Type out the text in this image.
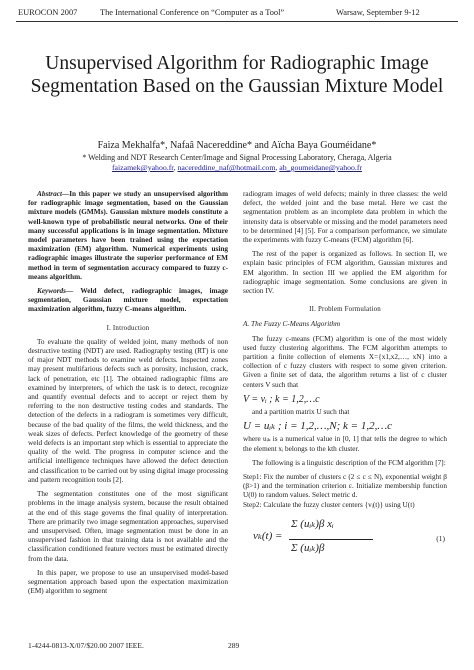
EUROCON 2007	The International Conference on “Computer as a Tool”	Warsaw, September 9-12
Unsupervised Algorithm for Radiographic Image Segmentation Based on the Gaussian Mixture Model
Faiza Mekhalfa*, Nafaâ Nacereddine* and Aïcha Baya Gouméidane*
* Welding and NDT Research Center/Image and Signal Processing Laboratory, Cheraga, Algeria
faizamek@yahoo.fr, nacereddine_naf@hotmail.com, ab_goumeidane@yahoo.fr

Abstract—In this paper we study an unsupervised algorithm for radiographic image segmentation, based on the Gaussian mixture models (GMMs). Gaussian mixture models constitute a well-known type of probabilistic neural networks. One of their many successful applications is in image segmentation. Mixture model parameters have been trained using the expectation maximization (EM) algorithm. Numerical experiments using radiographic images illustrate the superior performance of EM method in term of segmentation accuracy compared to fuzzy c-means algorithm.

Keywords— Weld defect, radiographic images, image segmentation, Gaussian mixture model, expectation maximization algorithm, fuzzy C-means algorithm.

I. Introduction

To evaluate the quality of welded joint, many methods of non destructive testing (NDT) are used. Radiography testing (RT) is one of major NDT methods to examine weld defects. Inspected zones may present multifarious defects such as porosity, inclusion, crack, lack of penetration, etc [1]. The obtained radiographic films are examined by interpreters, of which the task is to detect, recognize and quantify eventual defects and to accept or reject them by referring to the non destructive testing codes and standards. The detection of the defects in a radiogram is sometimes very difficult, because of the bad quality of the films, the weld thickness, and the weak sizes of defects. Perfect knowledge of the geometry of these weld defects is an important step which is essential to appreciate the quality of the weld. The progress in computer science and the artificial intelligence techniques have allowed the defect detection and classification to be carried out by using digital image processing and pattern recognition tools [2].

The segmentation constitutes one of the most significant problems in the image analysis system, because the result obtained at the end of this stage governs the final quality of interpretation. There are primarily two image segmentation approaches, supervised and unsupervised. Often, image segmentation must be done in an unsupervised fashion in that training data is not available and the classification conditioned feature vectors must be estimated directly from the data.

In this paper, we propose to use an unsupervised model-based segmentation approach based upon the expectation maximization (EM) algorithm to segment

radiogram images of weld defects; mainly in three classes: the weld defect, the welded joint and the base metal. Here we cast the segmentation problem as an incomplete data problem in which the intensity data is observable or missing and the model parameters need to be determined [4] [5]. For a comparison performance, we simulate the experiments with fuzzy C-means (FCM) algorithm [6].

The rest of the paper is organized as follows. In section II, we explain basic principles of FCM algorithm, Gaussian mixtures and EM algorithm. In section III we applied the EM algorithm for radiographic image segmentation. Some conclusions are given in section IV.

II. Problem Formulation
A. The Fuzzy C-Means Algorithm

The fuzzy c-means (FCM) algorithm is one of the most widely used fuzzy clustering algorithms. The FCM algorithm attempts to partition a finite collection of elements X={x1,x2,…, xN} into a collection of c fuzzy clusters with respect to some given criterion. Given a finite set of data, the algorithm returns a list of c cluster centers V such that

V = vᵢ ; k = 1,2,…c

and a partition matrix U such that

U = uᵢₖ ; i = 1,2,…,N; k = 1,2,…c

where uᵢₖ is a numerical value in [0, 1] that tells the degree to which the element xᵢ belongs to the kth cluster.

The following is a linguistic description of the FCM algorithm [7]:

Step1: Fix the number of clusters c (2 ≤ c ≤ N), exponential weight β (β>1) and the termination criterion ε. Initialize membership function U(0) to random values. Select metric d.

Step2: Calculate the fuzzy cluster centers {vᵢ(t)} using U(t)

vₖ(t) =
Σ (uᵢₖ)β xᵢ
Σ (uᵢₖ)β
(1)
1-4244-0813-X/07/$20.00 2007 IEEE.	289
